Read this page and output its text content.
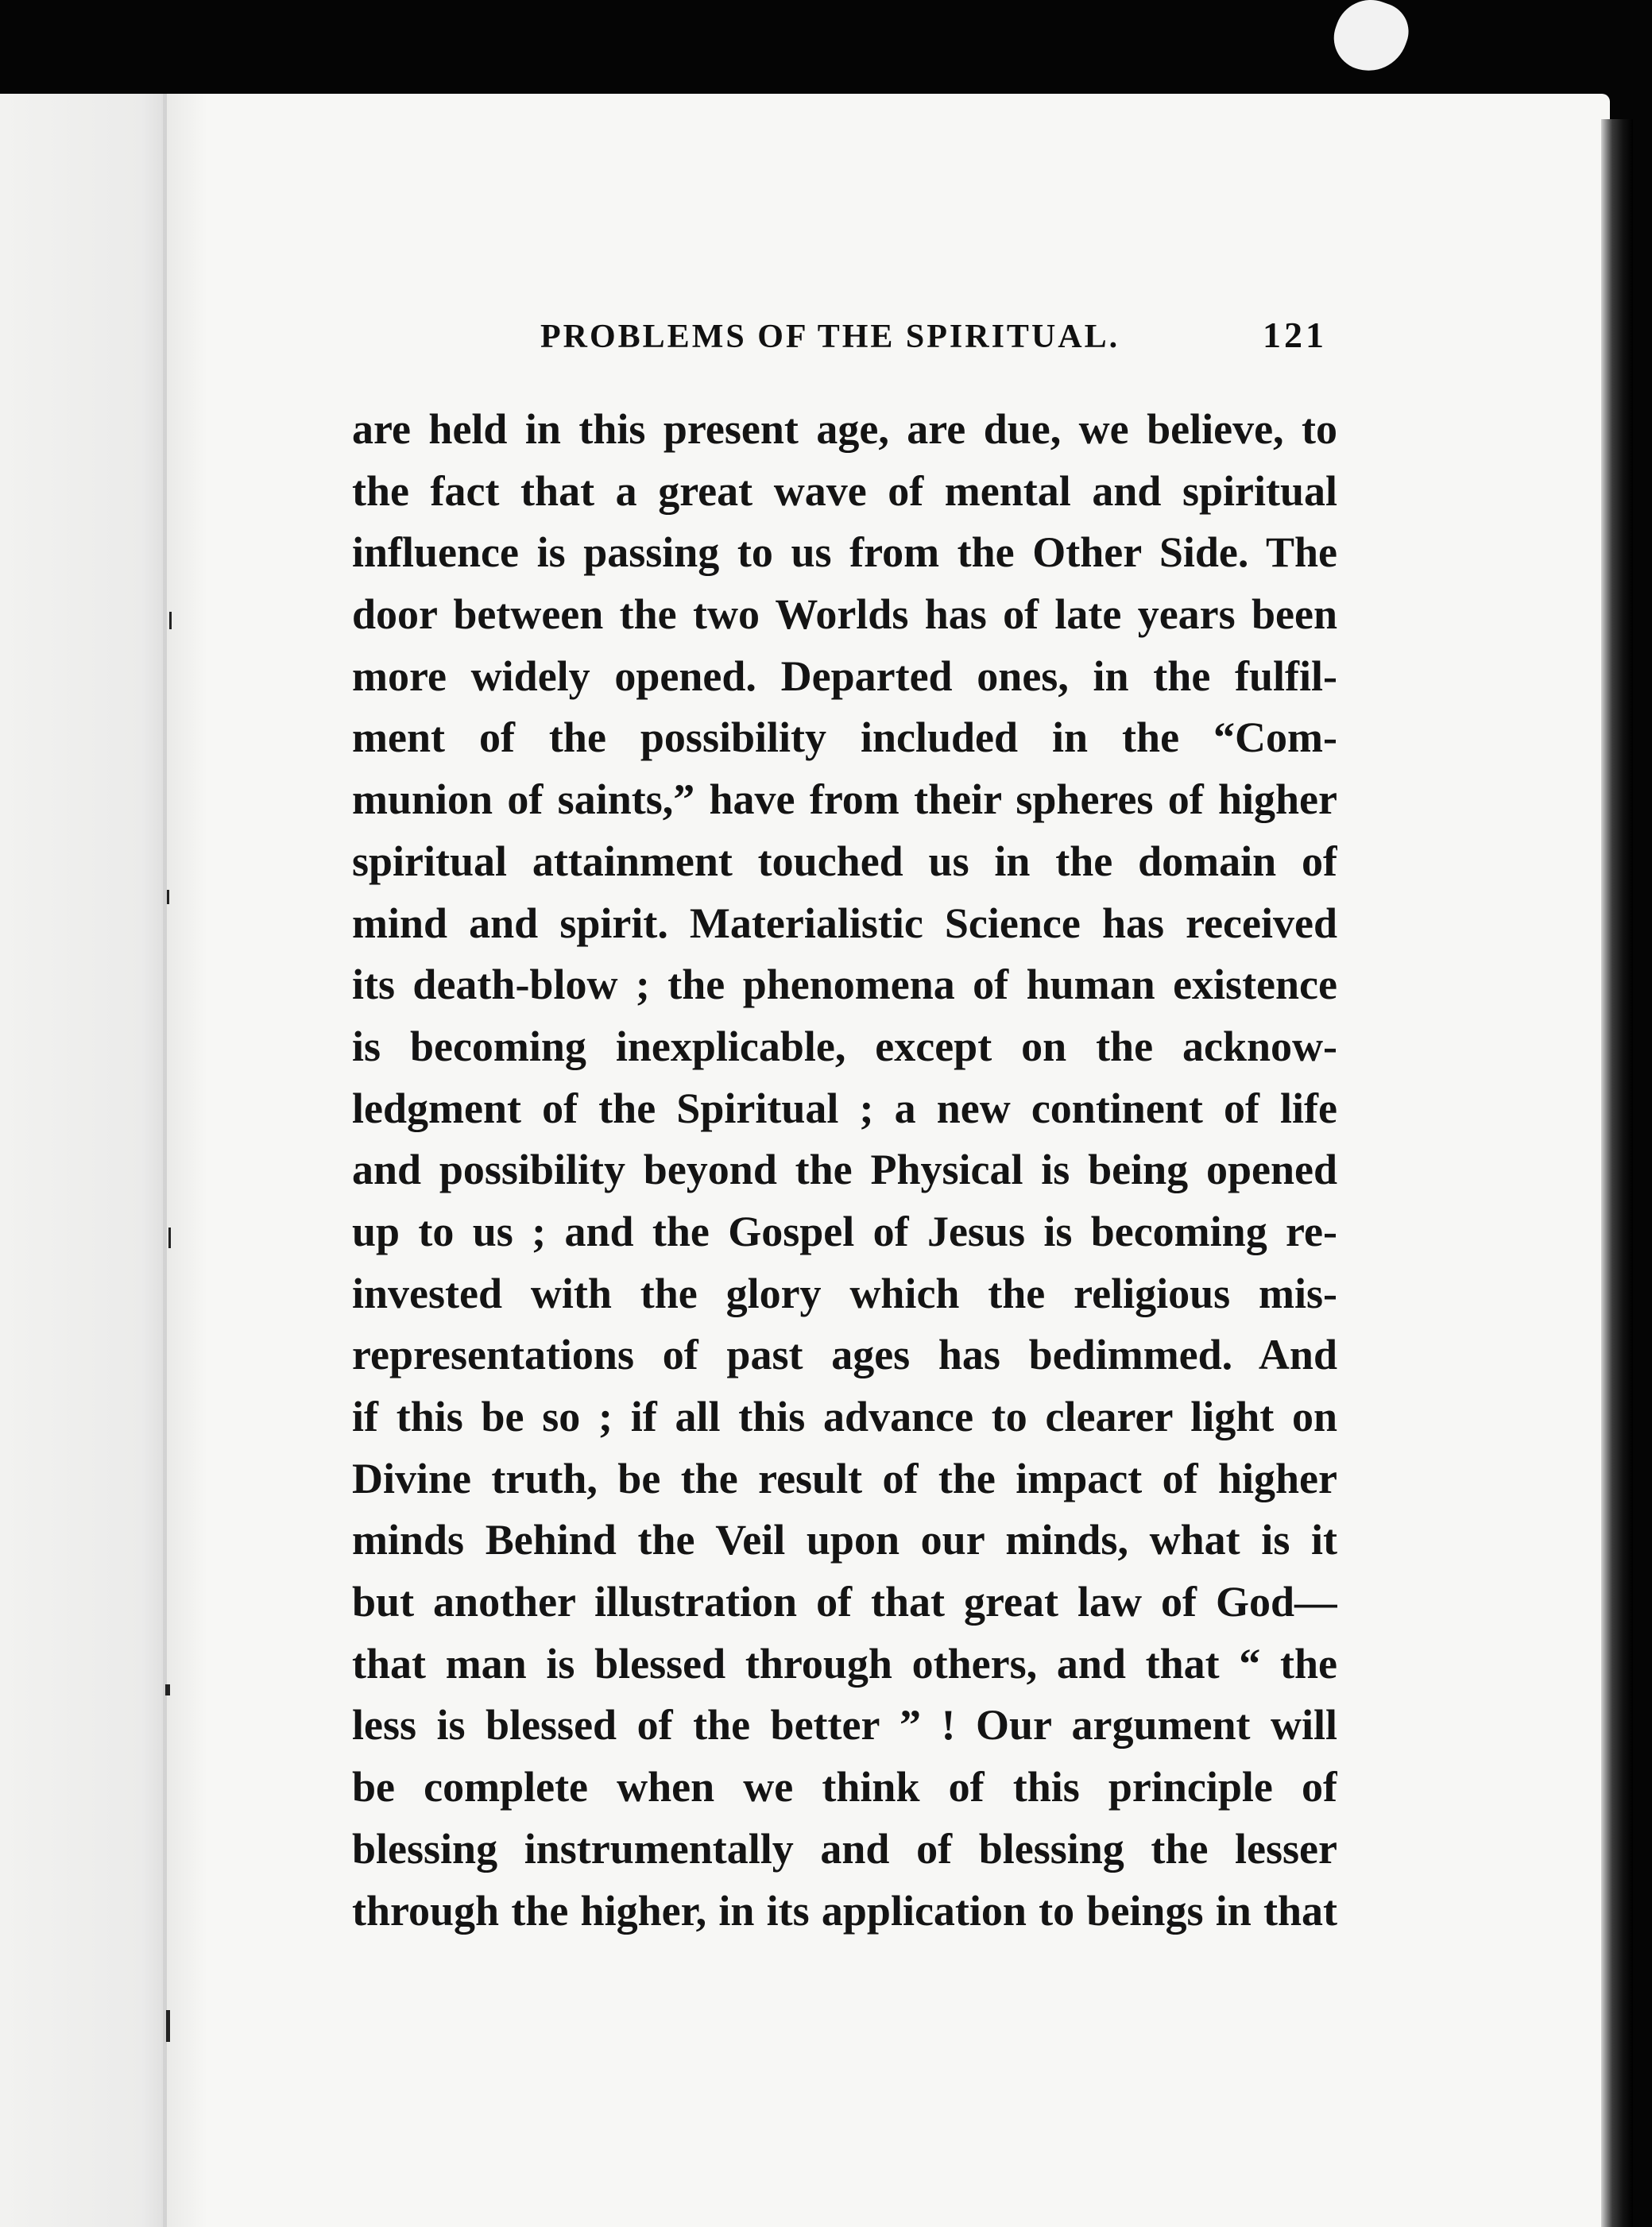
PROBLEMS OF THE SPIRITUAL.	121
are held in this present age, are due, we believe, to
the fact that a great wave of mental and spiritual
influence is passing to us from the Other Side. The
door between the two Worlds has of late years been
more widely opened. Departed ones, in the fulfil-
ment of the possibility included in the “Com-
munion of saints,” have from their spheres of higher
spiritual attainment touched us in the domain of
mind and spirit. Materialistic Science has received
its death-blow ; the phenomena of human existence
is becoming inexplicable, except on the acknow-
ledgment of the Spiritual ; a new continent of life
and possibility beyond the Physical is being opened
up to us ; and the Gospel of Jesus is becoming re-
invested with the glory which the religious mis-
representations of past ages has bedimmed. And
if this be so ; if all this advance to clearer light on
Divine truth, be the result of the impact of higher
minds Behind the Veil upon our minds, what is it
but another illustration of that great law of God—
that man is blessed through others, and that “ the
less is blessed of the better ” ! Our argument will
be complete when we think of this principle of
blessing instrumentally and of blessing the lesser
through the higher, in its application to beings in that
